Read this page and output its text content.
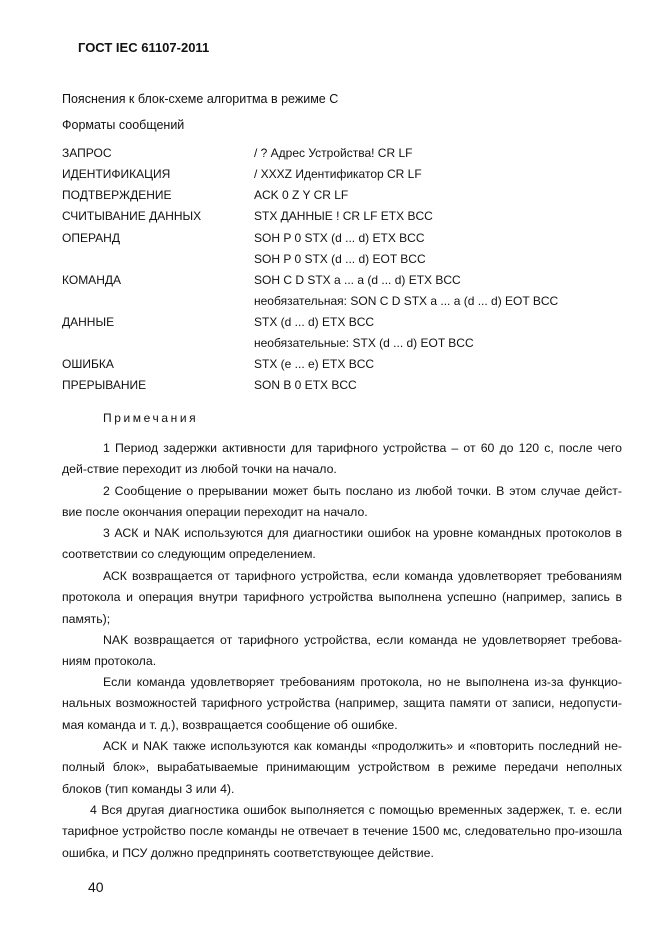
ГОСТ IEC 61107-2011
Пояснения к блок-схеме алгоритма в режиме С
Форматы сообщений
ЗАПРОС	/ ? Адрес Устройства! CR LF
ИДЕНТИФИКАЦИЯ	/ XXXZ Идентификатор CR LF
ПОДТВЕРЖДЕНИЕ	ACK 0 Z Y CR LF
СЧИТЫВАНИЕ ДАННЫХ	STX ДАННЫЕ ! CR LF ETX BCC
ОПЕРАНД	SOH P 0 STX (d ... d) ETX BCC
SOH P 0 STX (d ... d) EOT BCC
КОМАНДА	SOH C D STX a ... a (d ... d) ETX BCC
необязательная: SON C D STX a ... a (d ... d) EOT BCC
ДАННЫЕ	STX (d ... d) ETX BCC
необязательные: STX (d ... d) EOT BCC
ОШИБКА	STX (e ... e) ETX BCC
ПРЕРЫВАНИЕ	SON B 0 ETX BCC
Примечания
1 Период задержки активности для тарифного устройства – от 60 до 120 с, после чего дей-ствие переходит из любой точки на начало.
2 Сообщение о прерывании может быть послано из любой точки. В этом случае дейст-вие после окончания операции переходит на начало.
3 АСК и NAK используются для диагностики ошибок на уровне командных протоколов в соответствии со следующим определением.
АСК возвращается от тарифного устройства, если команда удовлетворяет требованиям протокола и операция внутри тарифного устройства выполнена успешно (например, запись в память);
NAK возвращается от тарифного устройства, если команда не удовлетворяет требова-ниям протокола.
Если команда удовлетворяет требованиям протокола, но не выполнена из-за функцио-нальных возможностей тарифного устройства (например, защита памяти от записи, недопусти-мая команда и т. д.), возвращается сообщение об ошибке.
АСК и NAK также используются как команды «продолжить» и «повторить последний не-полный блок», вырабатываемые принимающим устройством в режиме передачи неполных блоков (тип команды 3 или 4).
4 Вся другая диагностика ошибок выполняется с помощью временных задержек, т. е. если тарифное устройство после команды не отвечает в течение 1500 мс, следовательно про-изошла ошибка, и ПСУ должно предпринять соответствующее действие.
40
